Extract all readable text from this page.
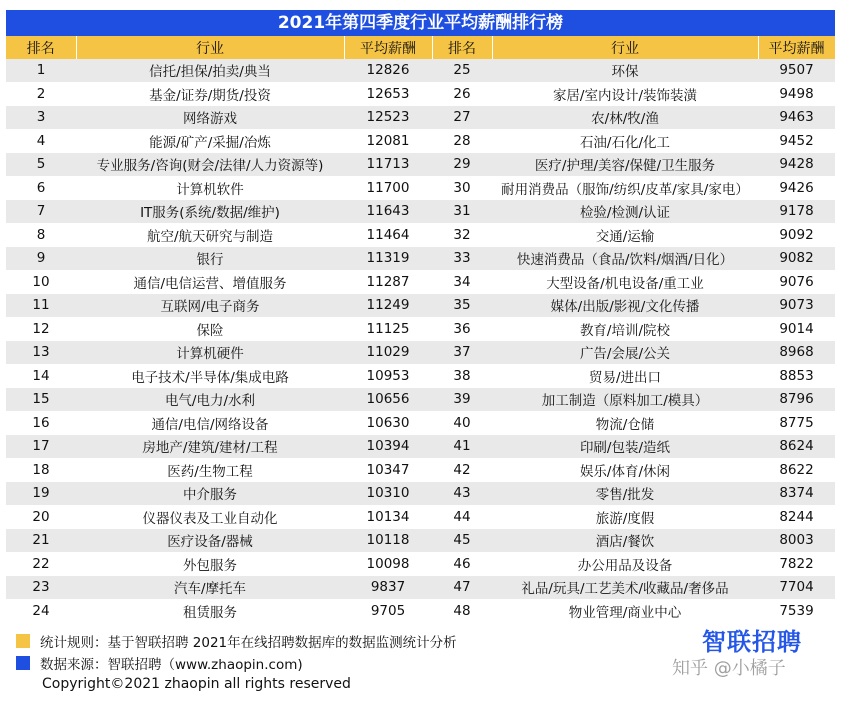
2021年第四季度行业平均薪酬排行榜
排名	行业	平均薪酬	排名	行业	平均薪酬
1	信托/担保/拍卖/典当	12826	25	环保	9507
2	基金/证券/期货/投资	12653	26	家居/室内设计/装饰装潢	9498
3	网络游戏	12523	27	农/林/牧/渔	9463
4	能源/矿产/采掘/冶炼	12081	28	石油/石化/化工	9452
5	专业服务/咨询(财会/法律/人力资源等)	11713	29	医疗/护理/美容/保健/卫生服务	9428
6	计算机软件	11700	30	耐用消费品（服饰/纺织/皮革/家具/家电）	9426
7	IT服务(系统/数据/维护)	11643	31	检验/检测/认证	9178
8	航空/航天研究与制造	11464	32	交通/运输	9092
9	银行	11319	33	快速消费品（食品/饮料/烟酒/日化）	9082
10	通信/电信运营、增值服务	11287	34	大型设备/机电设备/重工业	9076
11	互联网/电子商务	11249	35	媒体/出版/影视/文化传播	9073
12	保险	11125	36	教育/培训/院校	9014
13	计算机硬件	11029	37	广告/会展/公关	8968
14	电子技术/半导体/集成电路	10953	38	贸易/进出口	8853
15	电气/电力/水利	10656	39	加工制造（原料加工/模具）	8796
16	通信/电信/网络设备	10630	40	物流/仓储	8775
17	房地产/建筑/建材/工程	10394	41	印刷/包装/造纸	8624
18	医药/生物工程	10347	42	娱乐/体育/休闲	8622
19	中介服务	10310	43	零售/批发	8374
20	仪器仪表及工业自动化	10134	44	旅游/度假	8244
21	医疗设备/器械	10118	45	酒店/餐饮	8003
22	外包服务	10098	46	办公用品及设备	7822
23	汽车/摩托车	9837	47	礼品/玩具/工艺美术/收藏品/奢侈品	7704
24	租赁服务	9705	48	物业管理/商业中心	7539
统计规则：基于智联招聘 2021年在线招聘数据库的数据监测统计分析
数据来源：智联招聘（www.zhaopin.com)
Copyright©2021 zhaopin all rights reserved
智联招聘
知乎 @小橘子
